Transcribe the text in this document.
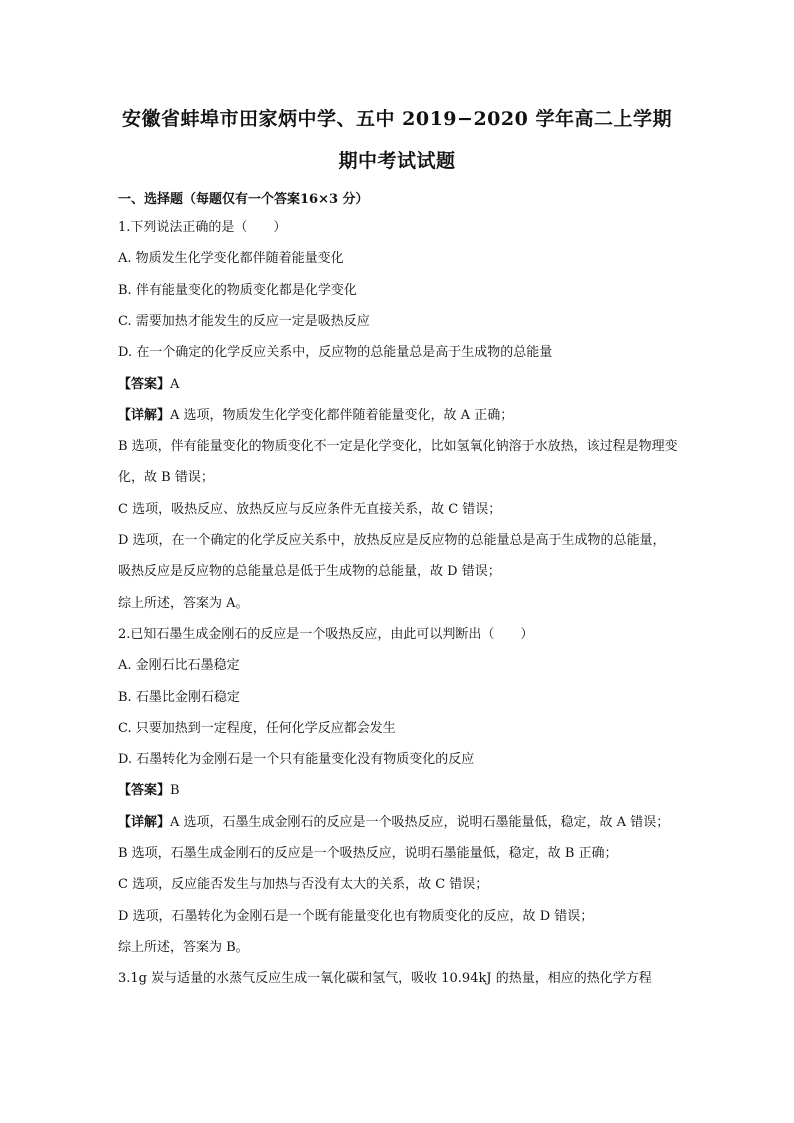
安徽省蚌埠市田家炳中学、五中 2019−2020 学年高二上学期
期中考试试题
一、选择题（每题仅有一个答案16×3 分）
1.下列说法正确的是（　　）
A. 物质发生化学变化都伴随着能量变化
B. 伴有能量变化的物质变化都是化学变化
C. 需要加热才能发生的反应一定是吸热反应
D. 在一个确定的化学反应关系中，反应物的总能量总是高于生成物的总能量
【答案】 A
【详解】 A 选项，物质发生化学变化都伴随着能量变化，故 A 正确；
B 选项，伴有能量变化的物质变化不一定是化学变化，比如氢氧化钠溶于水放热，该过程是物理变化，故 B 错误；
C 选项，吸热反应、放热反应与反应条件无直接关系，故 C 错误；
D 选项，在一个确定的化学反应关系中，放热反应是反应物的总能量总是高于生成物的总能量，吸热反应是反应物的总能量总是低于生成物的总能量，故 D 错误；
综上所述，答案为 A。
2.已知石墨生成金刚石的反应是一个吸热反应，由此可以判断出（　　）
A. 金刚石比石墨稳定
B. 石墨比金刚石稳定
C. 只要加热到一定程度，任何化学反应都会发生
D. 石墨转化为金刚石是一个只有能量变化没有物质变化的反应
【答案】 B
【详解】A 选项，石墨生成金刚石的反应是一个吸热反应，说明石墨能量低，稳定，故 A 错误；
B 选项，石墨生成金刚石的反应是一个吸热反应，说明石墨能量低，稳定，故 B 正确；
C 选项，反应能否发生与加热与否没有太大的关系，故 C 错误；
D 选项，石墨转化为金刚石是一个既有能量变化也有物质变化的反应，故 D 错误；
综上所述，答案为 B。
3.1g 炭与适量的水蒸气反应生成一氧化碳和氢气，吸收 10.94kJ 的热量，相应的热化学方程
